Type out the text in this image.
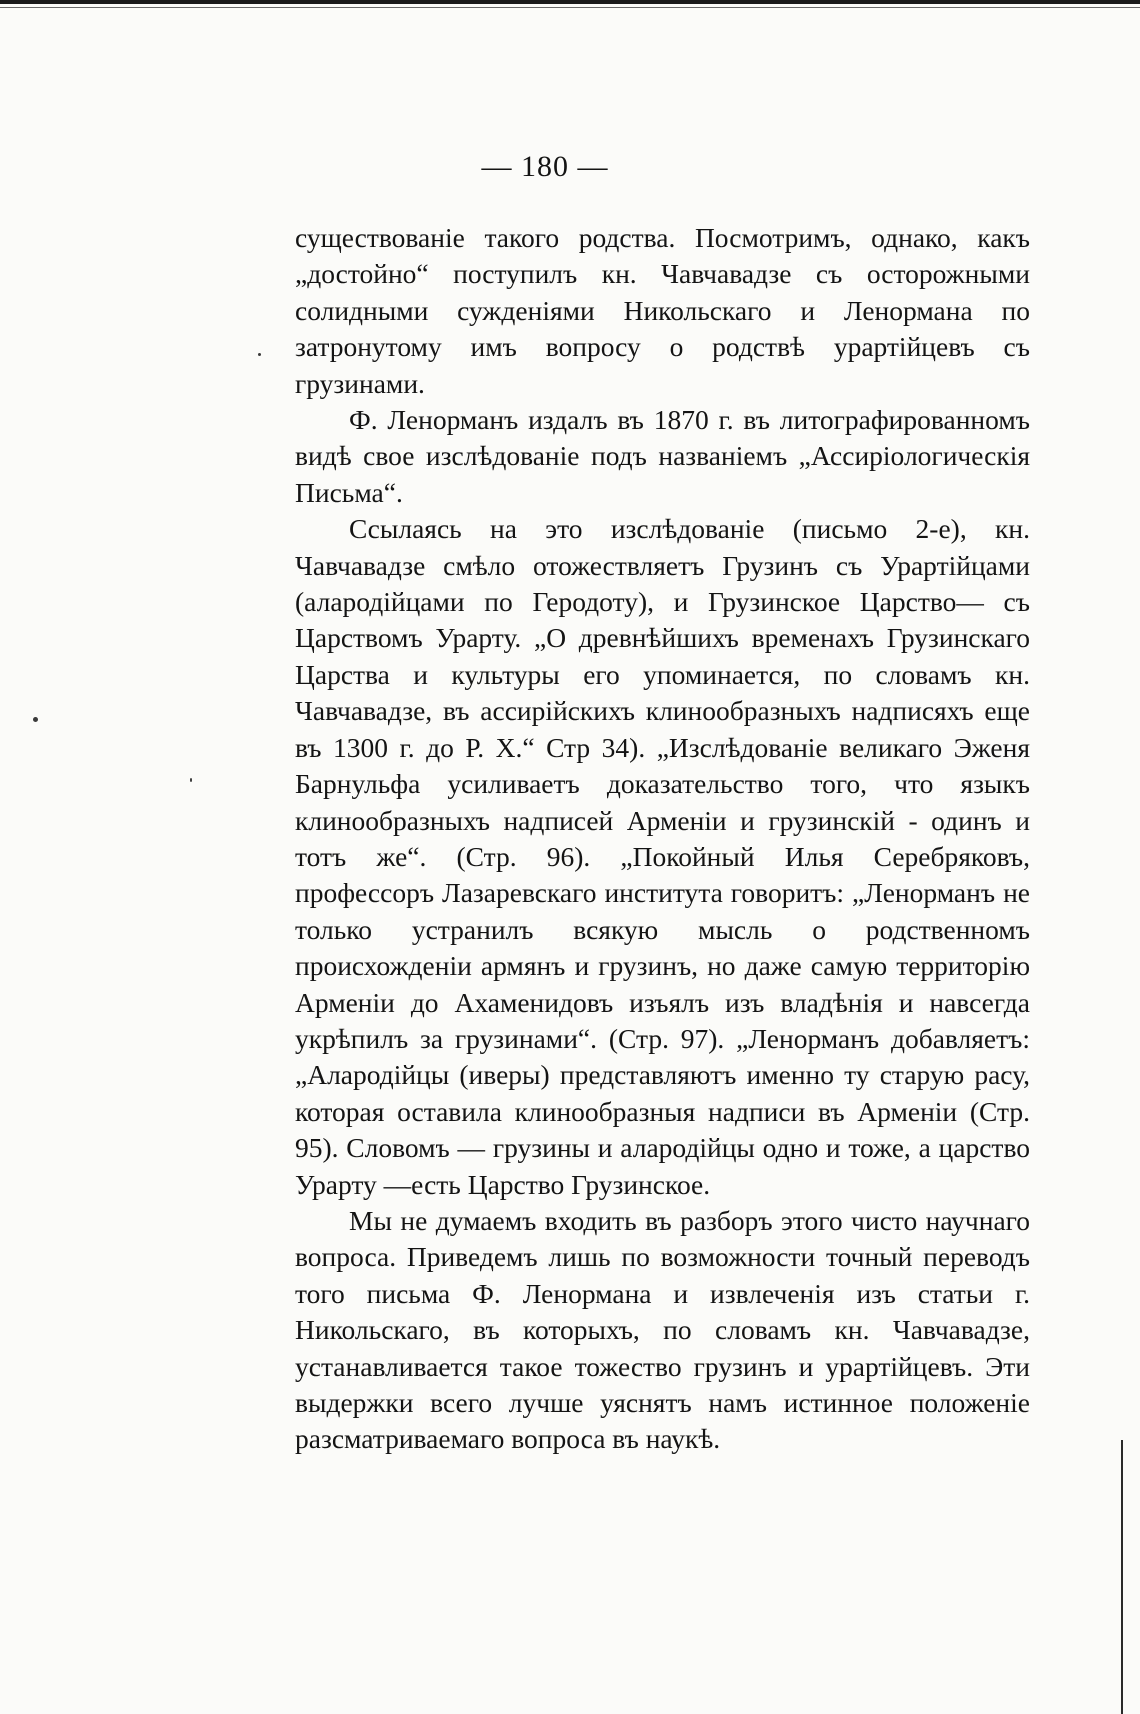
— 180 —

существованіе такого родства. Посмотримъ, однако, какъ „достойно“ поступилъ кн. Чавчавадзе съ осторожными солидными сужденіями Никольскаго и Ленормана по затронутому имъ вопросу о родствѣ урартійцевъ съ грузинами.

Ф. Ленорманъ издалъ въ 1870 г. въ литографированномъ видѣ свое изслѣдованіе подъ названіемъ „Ассиріологическія Письма“.

Ссылаясь на это изслѣдованіе (письмо 2-е), кн. Чавчавадзе смѣло отожествляетъ Грузинъ съ Урартійцами (алародійцами по Геродоту), и Грузинское Царство— съ Царствомъ Урарту. „О древнѣйшихъ временахъ Грузинскаго Царства и культуры его упоминается, по словамъ кн. Чавчавадзе, въ ассирійскихъ клинообразныхъ надписяхъ еще въ 1300 г. до Р. Х.“ Стр 34). „Изслѣдованіе великаго Эженя Барнульфа усиливаетъ доказательство того, что языкъ клинообразныхъ надписей Арменіи и грузинскій - одинъ и тотъ же“. (Стр. 96). „Покойный Илья Серебряковъ, профессоръ Лазаревскаго института говоритъ: „Ленорманъ не только устранилъ всякую мысль о родственномъ происхожденіи армянъ и грузинъ, но даже самую территорію Арменіи до Ахаменидовъ изъялъ изъ владѣнія и навсегда укрѣпилъ за грузинами“. (Стр. 97). „Ленорманъ добавляетъ: „Алародійцы (иверы) представляютъ именно ту старую расу, которая оставила клинообразныя надписи въ Арменіи (Стр. 95). Словомъ — грузины и алародійцы одно и тоже, а царство Урарту —есть Царство Грузинское.

Мы не думаемъ входить въ разборъ этого чисто научнаго вопроса. Приведемъ лишь по возможности точный переводъ того письма Ф. Ленормана и извлеченія изъ статьи г. Никольскаго, въ которыхъ, по словамъ кн. Чавчавадзе, устанавливается такое тожество грузинъ и урартійцевъ. Эти выдержки всего лучше уяснятъ намъ истинное положеніе разсматриваемаго вопроса въ наукѣ.
